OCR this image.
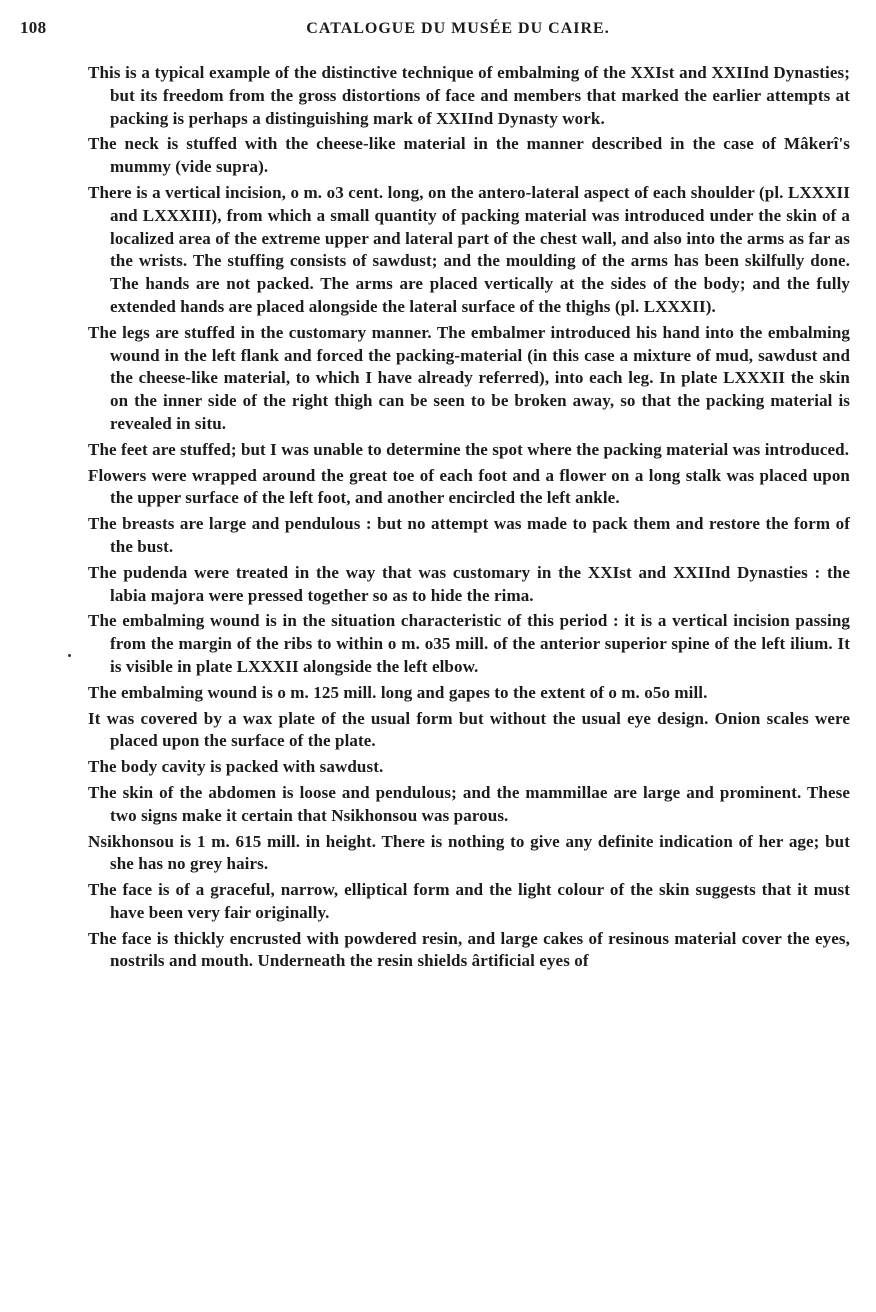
108	CATALOGUE DU MUSÉE DU CAIRE.

This is a typical example of the distinctive technique of embalming of the XXIst and XXIInd Dynasties; but its freedom from the gross distortions of face and members that marked the earlier attempts at packing is perhaps a distinguishing mark of XXIInd Dynasty work.

The neck is stuffed with the cheese-like material in the manner described in the case of Mâkerî's mummy (vide supra).

There is a vertical incision, o m. o3 cent. long, on the antero-lateral aspect of each shoulder (pl. LXXXII and LXXXIII), from which a small quantity of packing material was introduced under the skin of a localized area of the extreme upper and lateral part of the chest wall, and also into the arms as far as the wrists. The stuffing consists of sawdust; and the moulding of the arms has been skilfully done. The hands are not packed. The arms are placed vertically at the sides of the body; and the fully extended hands are placed alongside the lateral surface of the thighs (pl. LXXXII).

The legs are stuffed in the customary manner. The embalmer introduced his hand into the embalming wound in the left flank and forced the packing-material (in this case a mixture of mud, sawdust and the cheese-like material, to which I have already referred), into each leg. In plate LXXXII the skin on the inner side of the right thigh can be seen to be broken away, so that the packing material is revealed in situ.

The feet are stuffed; but I was unable to determine the spot where the packing material was introduced.

Flowers were wrapped around the great toe of each foot and a flower on a long stalk was placed upon the upper surface of the left foot, and another encircled the left ankle.

The breasts are large and pendulous : but no attempt was made to pack them and restore the form of the bust.

The pudenda were treated in the way that was customary in the XXIst and XXIInd Dynasties : the labia majora were pressed together so as to hide the rima.

The embalming wound is in the situation characteristic of this period : it is a vertical incision passing from the margin of the ribs to within o m. o35 mill. of the anterior superior spine of the left ilium. It is visible in plate LXXXII alongside the left elbow.

The embalming wound is o m. 125 mill. long and gapes to the extent of o m. o5o mill.

It was covered by a wax plate of the usual form but without the usual eye design. Onion scales were placed upon the surface of the plate.

The body cavity is packed with sawdust.

The skin of the abdomen is loose and pendulous; and the mammillae are large and prominent. These two signs make it certain that Nsikhonsou was parous.

Nsikhonsou is 1 m. 615 mill. in height. There is nothing to give any definite indication of her age; but she has no grey hairs.

The face is of a graceful, narrow, elliptical form and the light colour of the skin suggests that it must have been very fair originally.

The face is thickly encrusted with powdered resin, and large cakes of resinous material cover the eyes, nostrils and mouth. Underneath the resin shields ârtificial eyes of
